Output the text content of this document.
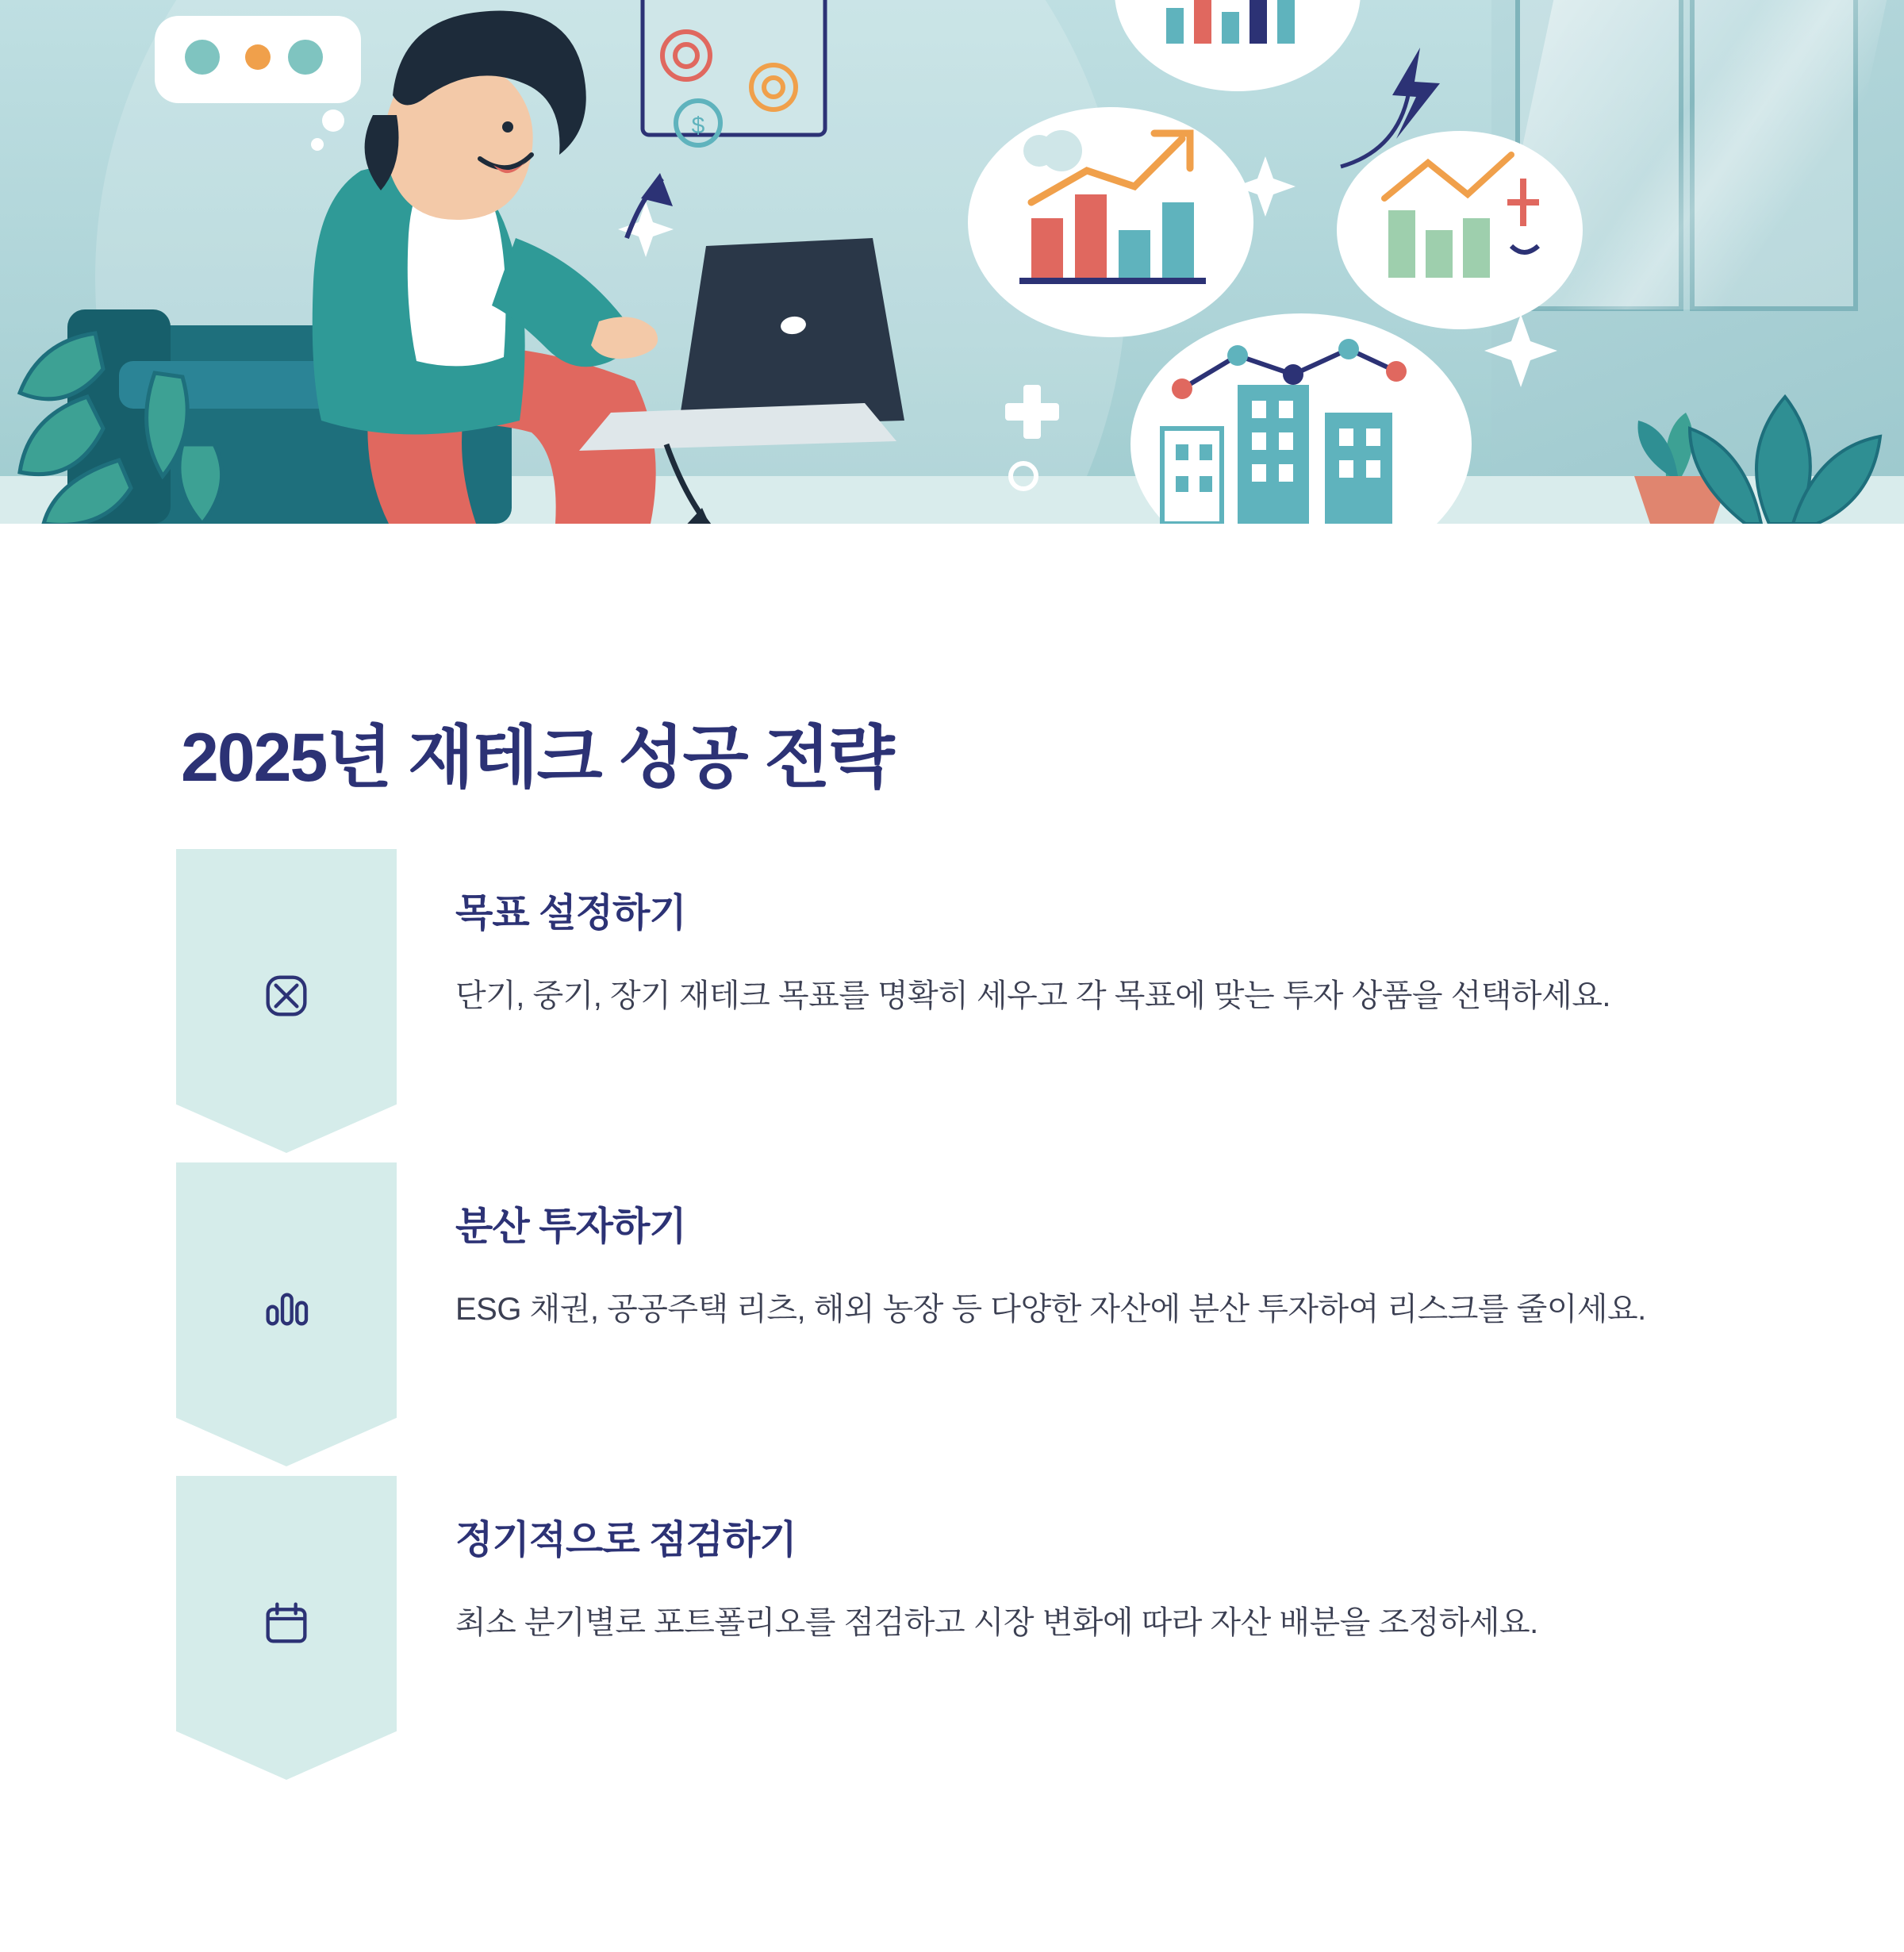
$
2025년 재테크 성공 전략
목표 설정하기

단기, 중기, 장기 재테크 목표를 명확히 세우고 각 목표에 맞는 투자 상품을 선택하세요.

분산 투자하기

ESG 채권, 공공주택 리츠, 해외 농장 등 다양한 자산에 분산 투자하여 리스크를 줄이세요.

정기적으로 점검하기

최소 분기별로 포트폴리오를 점검하고 시장 변화에 따라 자산 배분을 조정하세요.
